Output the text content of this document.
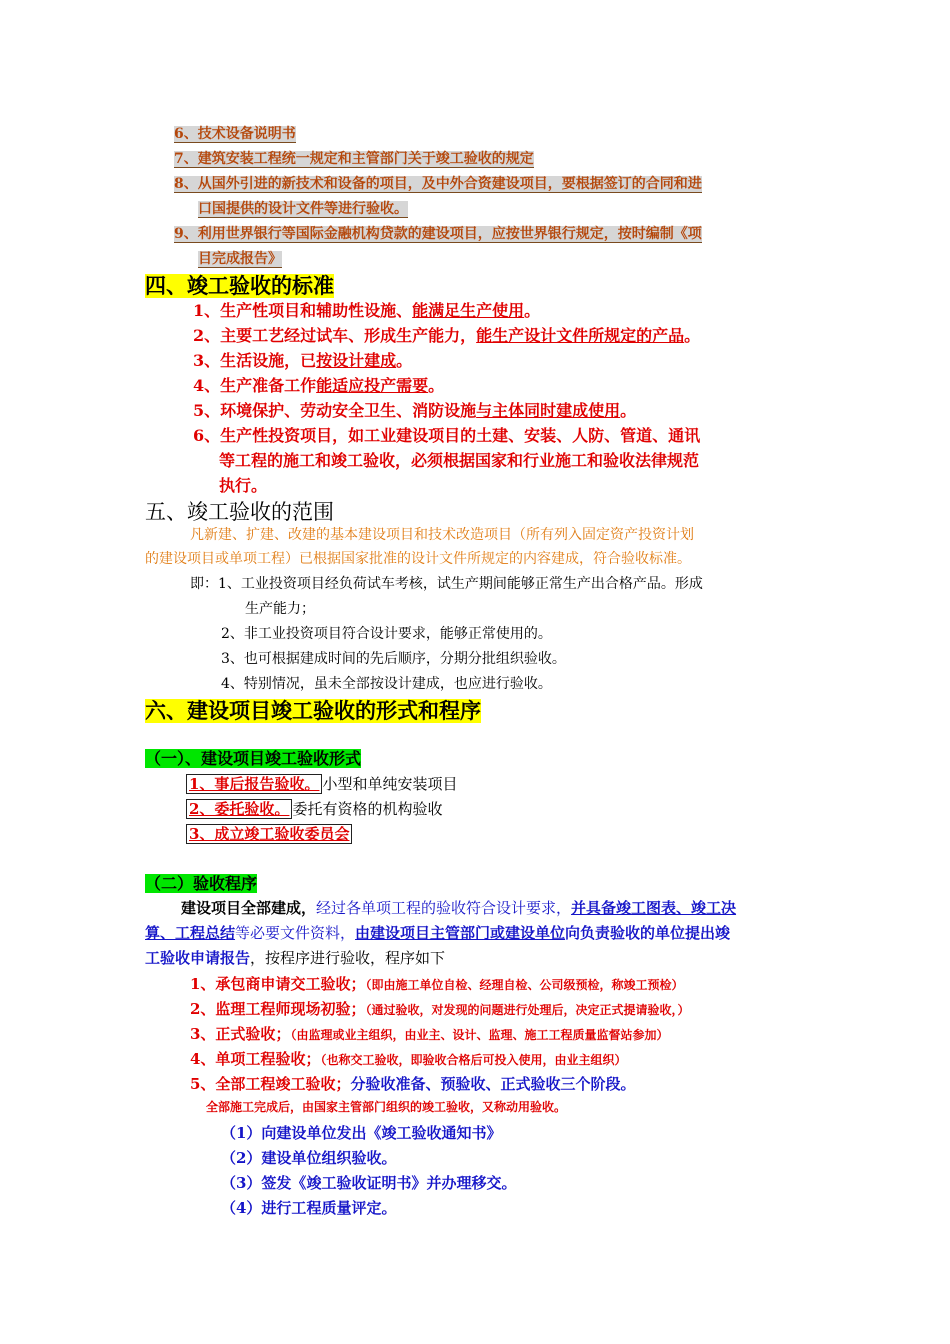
6、技术设备说明书
7、建筑安装工程统一规定和主管部门关于竣工验收的规定
8、从国外引进的新技术和设备的项目，及中外合资建设项目，要根据签订的合同和进
口国提供的设计文件等进行验收。
9、利用世界银行等国际金融机构贷款的建设项目，应按世界银行规定，按时编制《项
目完成报告》
四、竣工验收的标准
1、生产性项目和辅助性设施、能满足生产使用。
2、主要工艺经过试车、形成生产能力，能生产设计文件所规定的产品。
3、生活设施，已按设计建成。
4、生产准备工作能适应投产需要。
5、环境保护、劳动安全卫生、消防设施与主体同时建成使用。
6、生产性投资项目，如工业建设项目的土建、安装、人防、管道、通讯
等工程的施工和竣工验收，必须根据国家和行业施工和验收法律规范
执行。
五、竣工验收的范围
凡新建、扩建、改建的基本建设项目和技术改造项目（所有列入固定资产投资计划
的建设项目或单项工程）已根据国家批准的设计文件所规定的内容建成，符合验收标准。
即：1、工业投资项目经负荷试车考核，试生产期间能够正常生产出合格产品。形成
生产能力；
2、非工业投资项目符合设计要求，能够正常使用的。
3、也可根据建成时间的先后顺序，分期分批组织验收。
4、特别情况，虽未全部按设计建成，也应进行验收。
六、建设项目竣工验收的形式和程序
（一）、建设项目竣工验收形式
1、事后报告验收。 小型和单纯安装项目
2、委托验收。 委托有资格的机构验收
3、成立竣工验收委员会
（二）验收程序
建设项目全部建成，经过各单项工程的验收符合设计要求，并具备竣工图表、竣工决
算、工程总结等必要文件资料，由建设项目主管部门或建设单位向负责验收的单位提出竣
工验收申请报告，按程序进行验收，程序如下
1、承包商申请交工验收；（即由施工单位自检、经理自检、公司级预检，称竣工预检）
2、监理工程师现场初验；（通过验收，对发现的问题进行处理后，决定正式提请验收，）
3、正式验收；（由监理或业主组织，由业主、设计、监理、施工工程质量监督站参加）
4、单项工程验收；（也称交工验收，即验收合格后可投入使用，由业主组织）
5、全部工程竣工验收；分验收准备、预验收、正式验收三个阶段。
全部施工完成后，由国家主管部门组织的竣工验收，又称动用验收。
（1）向建设单位发出《竣工验收通知书》
（2）建设单位组织验收。
（3）签发《竣工验收证明书》并办理移交。
（4）进行工程质量评定。
